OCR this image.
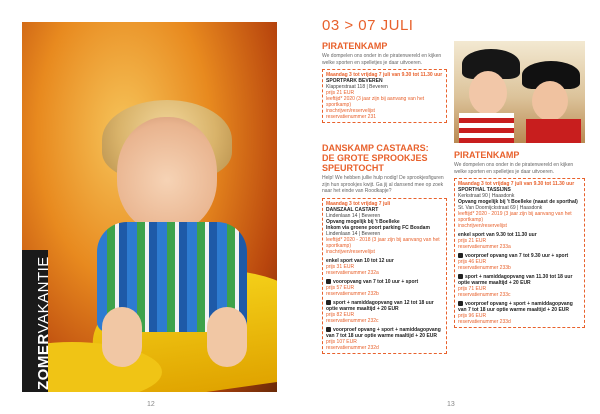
ZOMERVAKANTIE
12
03 > 07 JULI
PIRATENKAMP
We dompelen ons onder in de piratenwereld en kijken welke sporten en spelletjes je daar uitvoeren.
Maandag 3 tot vrijdag 7 juli van 9.30 tot 11.30 uur
SPORTPARK BEVEREN
Klapperstraat 118 | Beveren
prijs 21 EUR
leeftijd* 2020 (3 jaar zijn bij aanvang van het sportkamp)
inschrijven/reservelijst
reservatienummer 231
DANSKAMP CASTAARS:
DE GROTE SPROOKJES
SPEURTOCHT
Help! We hebben jullie hulp nodig! De sprookjesfiguren zijn hun sprookjes kwijt. Ga jij al dansend mee op zoek naar het einde van Roodkapje?
Maandag 3 tot vrijdag 7 juli
DANSZAAL CASTART
Lindenlaan 14 | Beveren
Opvang mogelijk bij 't Boelleke
Inkom via groene poort parking FC Bosdam
Lindenlaan 14 | Beveren
leeftijd* 2020 - 2018 (3 jaar zijn bij aanvang van het sportkamp)
inschrijven/reservelijst
enkel sport van 10 tot 12 uur
prijs 31 EUR
reservatienummer 232a
vooropvang van 7 tot 10 uur + sport
prijs 57 EUR
reservatienummer 232b
sport + namiddagopvang van 12 tot 18 uur optie warme maaltijd + 20 EUR
prijs 82 EUR
reservatienummer 232c
voorproef opvang + sport + namiddagopvang van 7 tot 18 uur optie warme maaltijd + 20 EUR
prijs 107 EUR
reservatienummer 232d
PIRATENKAMP
We dompelen ons onder in de piratenwereld en kijken welke sporten en spelletjes je daar uitvoeren.
Maandag 3 tot vrijdag 7 juli van 9.30 tot 11.30 uur
SPORTHAL TASSIJNS
Kerkstraat 90 | Haasdonk
Opvang mogelijk bij 't Boelleke (naast de sporthal)
St. Van Doornijckstraat 69 | Haasdonk
leeftijd* 2020 - 2019 (3 jaar zijn bij aanvang van het sportkamp)
inschrijven/reservelijst
enkel sport van 9.30 tot 11.30 uur
prijs 21 EUR
reservatienummer 233a
voorproef opvang van 7 tot 9.30 uur + sport
prijs 46 EUR
reservatienummer 233b
sport + namiddagopvang van 11.30 tot 18 uur optie warme maaltijd + 20 EUR
prijs 71 EUR
reservatienummer 233c
voorproef opvang + sport + namiddagopvang van 7 tot 18 uur optie warme maaltijd + 20 EUR
prijs 96 EUR
reservatienummer 233d
13
